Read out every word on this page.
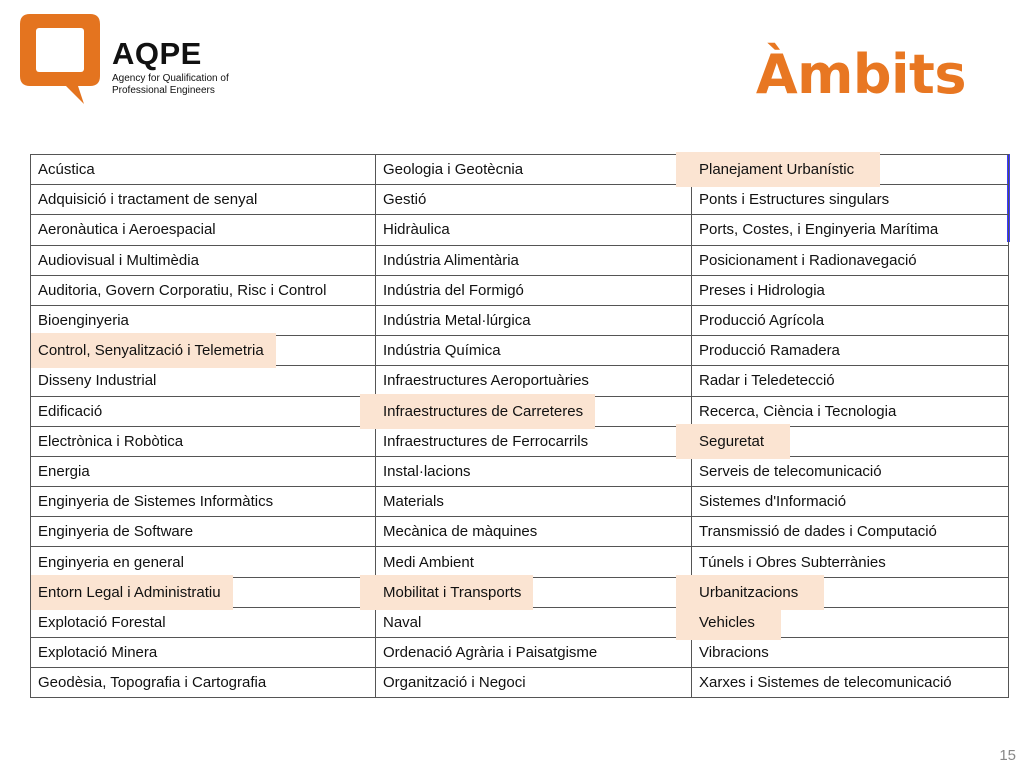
AQPE
Agency for Qualification of Professional Engineers	Àmbits
Acústica	Geologia i Geotècnia	Planejament Urbanístic

Adquisició i tractament de senyal	Gestió	Ponts i Estructures singulars
Aeronàutica i Aeroespacial	Hidràulica	Ports, Costes, i Enginyeria Marítima
Audiovisual i Multimèdia	Indústria Alimentària	Posicionament i Radionavegació
Auditoria, Govern Corporatiu, Risc i Control	Indústria del Formigó	Preses i Hidrologia
Bioenginyeria	Indústria Metal·lúrgica	Producció Agrícola
Control, Senyalització i Telemetria	Indústria Química	Producció Ramadera
Disseny Industrial	Infraestructures Aeroportuàries	Radar i Teledetecció
Edificació	Infraestructures de Carreteres	Recerca, Ciència i Tecnologia
Electrònica i Robòtica	Infraestructures de Ferrocarrils	Seguretat

Energia	Instal·lacions	Serveis de telecomunicació
Enginyeria de Sistemes Informàtics	Materials	Sistemes d'Informació
Enginyeria de Software	Mecànica de màquines	Transmissió de dades i Computació
Enginyeria en general	Medi Ambient	Túnels i Obres Subterrànies
Entorn Legal i Administratiu	Mobilitat i Transports	Urbanitzacions

Explotació Forestal	Naval	Vehicles

Explotació Minera	Ordenació Agrària i Paisatgisme	Vibracions
Geodèsia, Topografia i Cartografia	Organització i Negoci	Xarxes i Sistemes de telecomunicació
15
